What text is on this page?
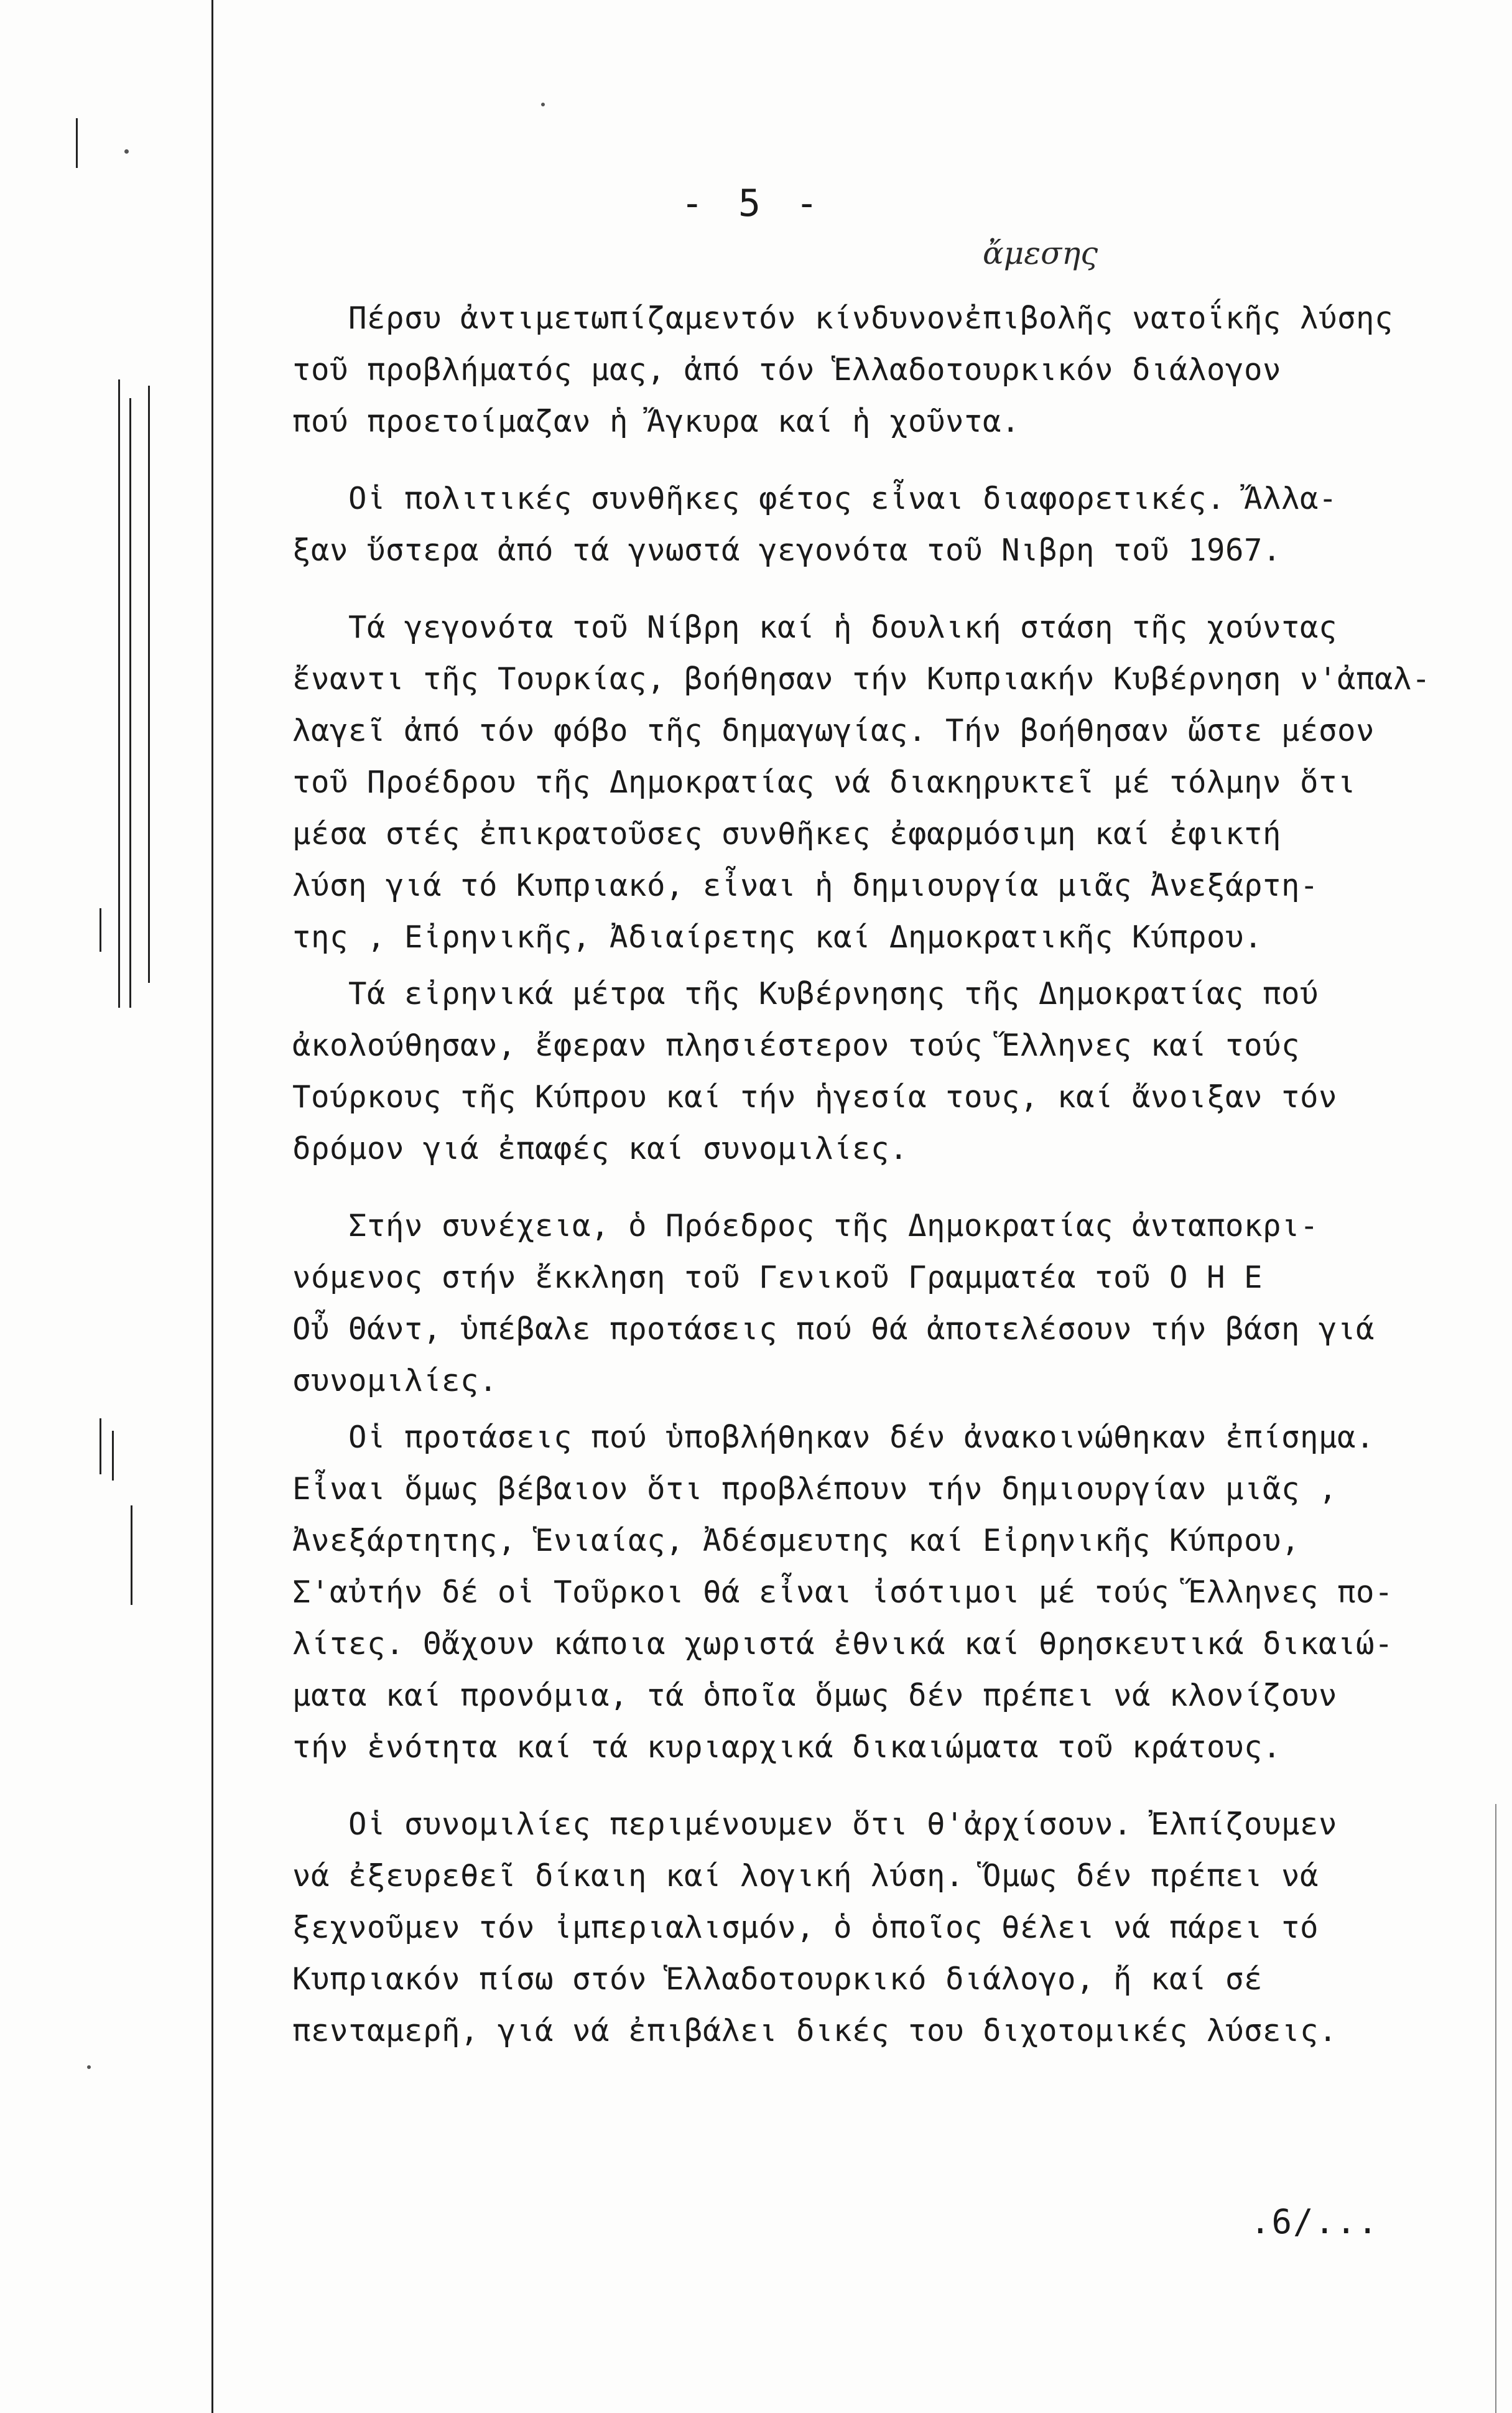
- 5 -
ἄμεσης
Πέρσυ ἀντιμετωπίζαμεντόν κίνδυνονἐπιβολῆς νατοΐκῆς λύσης
τοῦ προβλήματός μας, ἀπό τόν Ἑλλαδοτουρκικόν διάλογον
πού προετοίμαζαν ἡ Ἄγκυρα καί ἡ χοῦντα.
Οἱ πολιτικές συνθῆκες φέτος εἶναι διαφορετικές. Ἄλλα-
ξαν ὕστερα ἀπό τά γνωστά γεγονότα τοῦ Νιβρη τοῦ 1967.
Τά γεγονότα τοῦ Νίβρη καί ἡ δουλική στάση τῆς χούντας
ἔναντι τῆς Τουρκίας, βοήθησαν τήν Κυπριακήν Κυβέρνηση ν'ἀπαλ-
λαγεῖ ἀπό τόν φόβο τῆς δημαγωγίας. Τήν βοήθησαν ὥστε μέσον
τοῦ Προέδρου τῆς Δημοκρατίας νά διακηρυκτεῖ μέ τόλμην ὅτι
μέσα στές ἐπικρατοῦσες συνθῆκες ἐφαρμόσιμη καί ἐφικτή
λύση γιά τό Κυπριακό, εἶναι ἡ δημιουργία μιᾶς Ἀνεξάρτη-
της , Εἰρηνικῆς, Ἀδιαίρετης καί Δημοκρατικῆς Κύπρου.
Τά εἰρηνικά μέτρα τῆς Κυβέρνησης τῆς Δημοκρατίας πού
ἀκολούθησαν, ἔφεραν πλησιέστερον τούς Ἕλληνες καί τούς
Τούρκους τῆς Κύπρου καί τήν ἡγεσία τους, καί ἄνοιξαν τόν
δρόμον γιά ἐπαφές καί συνομιλίες.
Στήν συνέχεια, ὁ Πρόεδρος τῆς Δημοκρατίας ἀνταποκρι-
νόμενος στήν ἔκκληση τοῦ Γενικοῦ Γραμματέα τοῦ Ο Η Ε
Οὖ Θάντ, ὑπέβαλε προτάσεις πού θά ἀποτελέσουν τήν βάση γιά
συνομιλίες.
Οἱ προτάσεις πού ὑποβλήθηκαν δέν ἀνακοινώθηκαν ἐπίσημα.
Εἶναι ὅμως βέβαιον ὅτι προβλέπουν τήν δημιουργίαν μιᾶς ,
Ἀνεξάρτητης, Ἑνιαίας, Ἀδέσμευτης καί Εἰρηνικῆς Κύπρου,
Σ'αὐτήν δέ οἱ Τοῦρκοι θά εἶναι ἰσότιμοι μέ τούς Ἕλληνες πο-
λίτες. Θἄχουν κάποια χωριστά ἐθνικά καί θρησκευτικά δικαιώ-
ματα καί προνόμια, τά ὁποῖα ὅμως δέν πρέπει νά κλονίζουν
τήν ἑνότητα καί τά κυριαρχικά δικαιώματα τοῦ κράτους.
Οἱ συνομιλίες περιμένουμεν ὅτι θ'ἀρχίσουν. Ἐλπίζουμεν
νά ἐξευρεθεῖ δίκαιη καί λογική λύση. Ὅμως δέν πρέπει νά
ξεχνοῦμεν τόν ἰμπεριαλισμόν, ὁ ὁποῖος θέλει νά πάρει τό
Κυπριακόν πίσω στόν Ἑλλαδοτουρκικό διάλογο, ἤ καί σέ
πενταμερῆ, γιά νά ἐπιβάλει δικές του διχοτομικές λύσεις.
.6/...
